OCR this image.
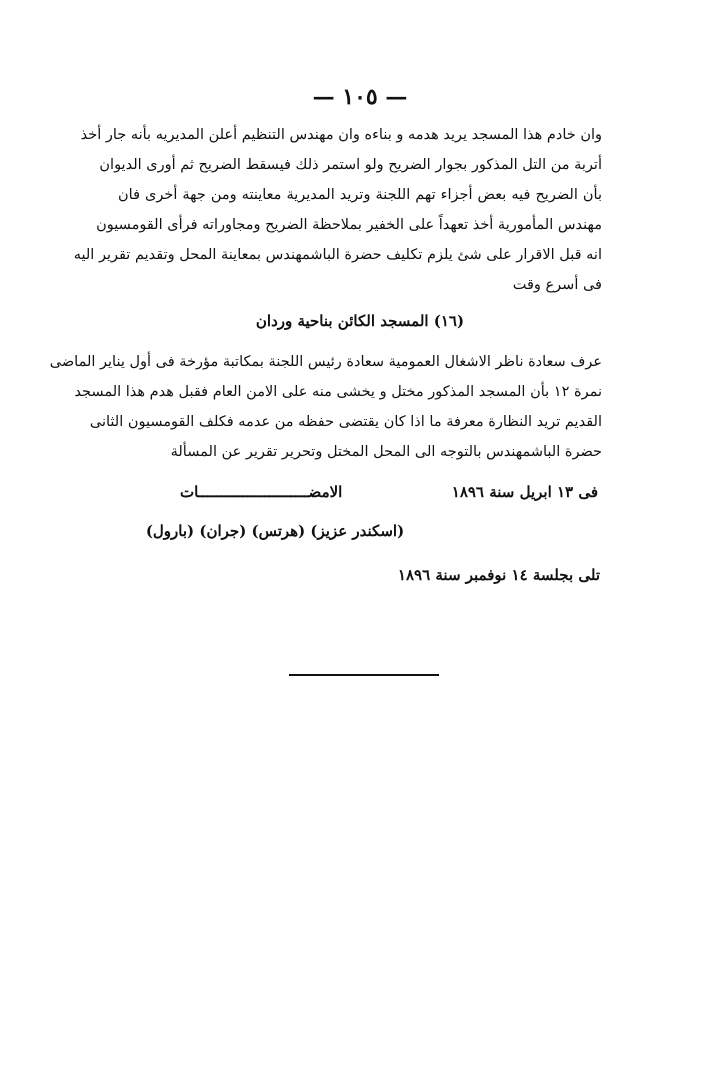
— ١٠٥ —
وان خادم هذا المسجد يريد هدمه و بناءه وان مهندس التنظيم أعلن المديريه بأنه جار أخذ
أتربة من التل المذكور بجوار الضريح ولو استمر ذلك فيسقط الضريح ثم أورى الديوان
بأن الضريح فيه بعض أجزاء تهم اللجنة وتريد المديرية معاينته ومن جهة أخرى فان
مهندس المأمورية أخذ تعهداً على الخفير بملاحظة الضريح ومجاوراته فرأى القومسيون
انه قبل الاقرار على شئ يلزم تكليف حضرة الباشمهندس بمعاينة المحل وتقديم تقرير اليه
فى أسرع وقت
(١٦) المسجد الكائن بناحية وردان
عرف سعادة ناظر الاشغال العمومية سعادة رئيس اللجنة بمكاتبة مؤرخة فى أول يناير الماضى
نمرة ١٢ بأن المسجد المذكور مختل و يخشى منه على الامن العام فقبل هدم هذا المسجد
القديم تريد النظارة معرفة ما اذا كان يقتضى حفظه من عدمه فكلف القومسيون الثانى
حضرة الباشمهندس بالتوجه الى المحل المختل وتحرير تقرير عن المسألة
فى ١٣ ابريل سنة ١٨٩٦
الامضـــــــــــــــــــــــــات
(اسكندر عزيز) (هرتس) (جران) (بارول)
تلى بجلسة ١٤ نوفمبر سنة ١٨٩٦
